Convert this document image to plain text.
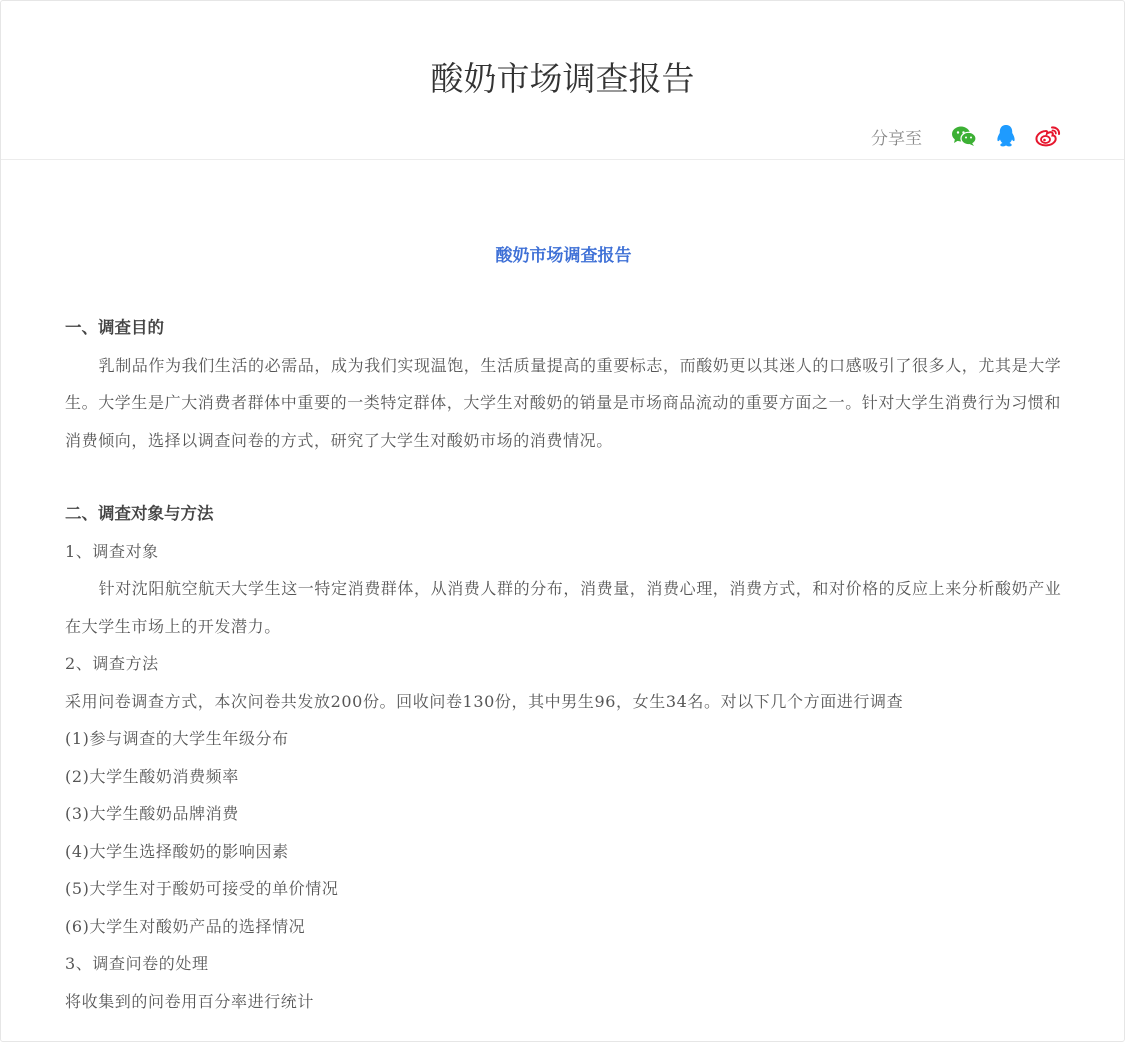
酸奶市场调查报告
分享至
酸奶市场调查报告

一、调查目的

乳制品作为我们生活的必需品，成为我们实现温饱，生活质量提高的重要标志，而酸奶更以其迷人的口感吸引了很多人，尤其是大学生。大学生是广大消费者群体中重要的一类特定群体，大学生对酸奶的销量是市场商品流动的重要方面之一。针对大学生消费行为习惯和消费倾向，选择以调查问卷的方式，研究了大学生对酸奶市场的消费情况。

二、调查对象与方法

1、调查对象

针对沈阳航空航天大学生这一特定消费群体，从消费人群的分布，消费量，消费心理，消费方式，和对价格的反应上来分析酸奶产业在大学生市场上的开发潜力。

2、调查方法

采用问卷调查方式，本次问卷共发放200份。回收问卷130份，其中男生96，女生34名。对以下几个方面进行调查

(1)参与调查的大学生年级分布

(2)大学生酸奶消费频率

(3)大学生酸奶品牌消费

(4)大学生选择酸奶的影响因素

(5)大学生对于酸奶可接受的单价情况

(6)大学生对酸奶产品的选择情况

3、调查问卷的处理

将收集到的问卷用百分率进行统计
